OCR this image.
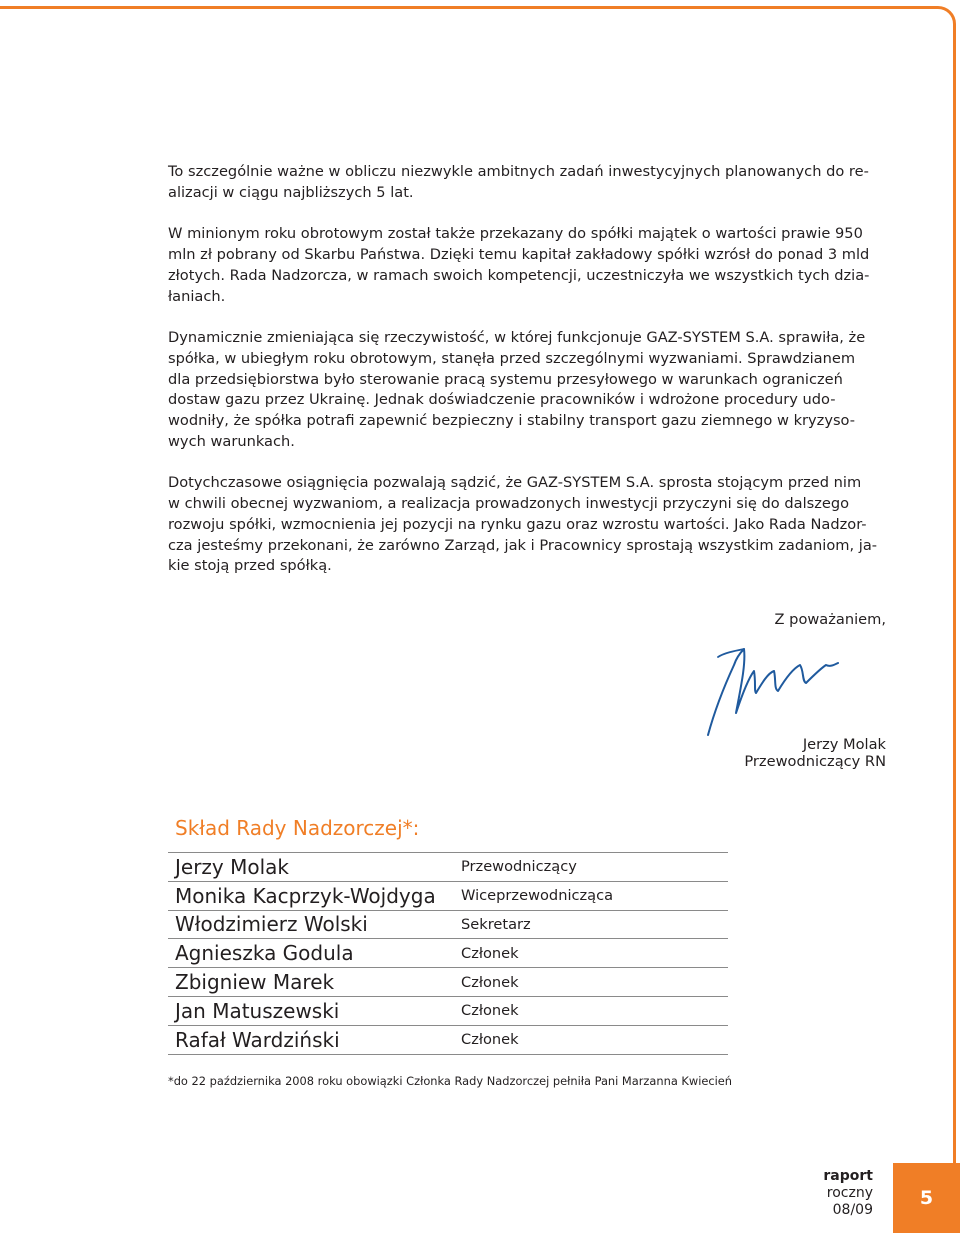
To szczególnie ważne w obliczu niezwykle ambitnych zadań inwestycyjnych planowanych do re-
alizacji w ciągu najbliższych 5 lat.

W minionym roku obrotowym został także przekazany do spółki majątek o wartości prawie 950
mln zł pobrany od Skarbu Państwa. Dzięki temu kapitał zakładowy spółki wzrósł do ponad 3 mld
złotych. Rada Nadzorcza, w ramach swoich kompetencji, uczestniczyła we wszystkich tych dzia-
łaniach.

Dynamicznie zmieniająca się rzeczywistość, w której funkcjonuje GAZ-SYSTEM S.A. sprawiła, że
spółka, w ubiegłym roku obrotowym, stanęła przed szczególnymi wyzwaniami. Sprawdzianem
dla przedsiębiorstwa było sterowanie pracą systemu przesyłowego w warunkach ograniczeń
dostaw gazu przez Ukrainę. Jednak doświadczenie pracowników i wdrożone procedury udo-
wodniły, że spółka potrafi zapewnić bezpieczny i stabilny transport gazu ziemnego w kryzyso-
wych warunkach.

Dotychczasowe osiągnięcia pozwalają sądzić, że GAZ-SYSTEM S.A. sprosta stojącym przed nim
w chwili obecnej wyzwaniom, a realizacja prowadzonych inwestycji przyczyni się do dalszego
rozwoju spółki, wzmocnienia jej pozycji na rynku gazu oraz wzrostu wartości. Jako Rada Nadzor-
cza jesteśmy przekonani, że zarówno Zarząd, jak i Pracownicy sprostają wszystkim zadaniom, ja-
kie stoją przed spółką.

Z poważaniem,
Jerzy Molak
Przewodniczący RN
Skład Rady Nadzorczej*:
Jerzy Molak	Przewodniczący
Monika Kacprzyk-Wojdyga	Wiceprzewodnicząca
Włodzimierz Wolski	Sekretarz
Agnieszka Godula	Członek
Zbigniew Marek	Członek
Jan Matuszewski	Członek
Rafał Wardziński	Członek
*do 22 października 2008 roku obowiązki Członka Rady Nadzorczej pełniła Pani Marzanna Kwiecień
raport
roczny
08/09
5
